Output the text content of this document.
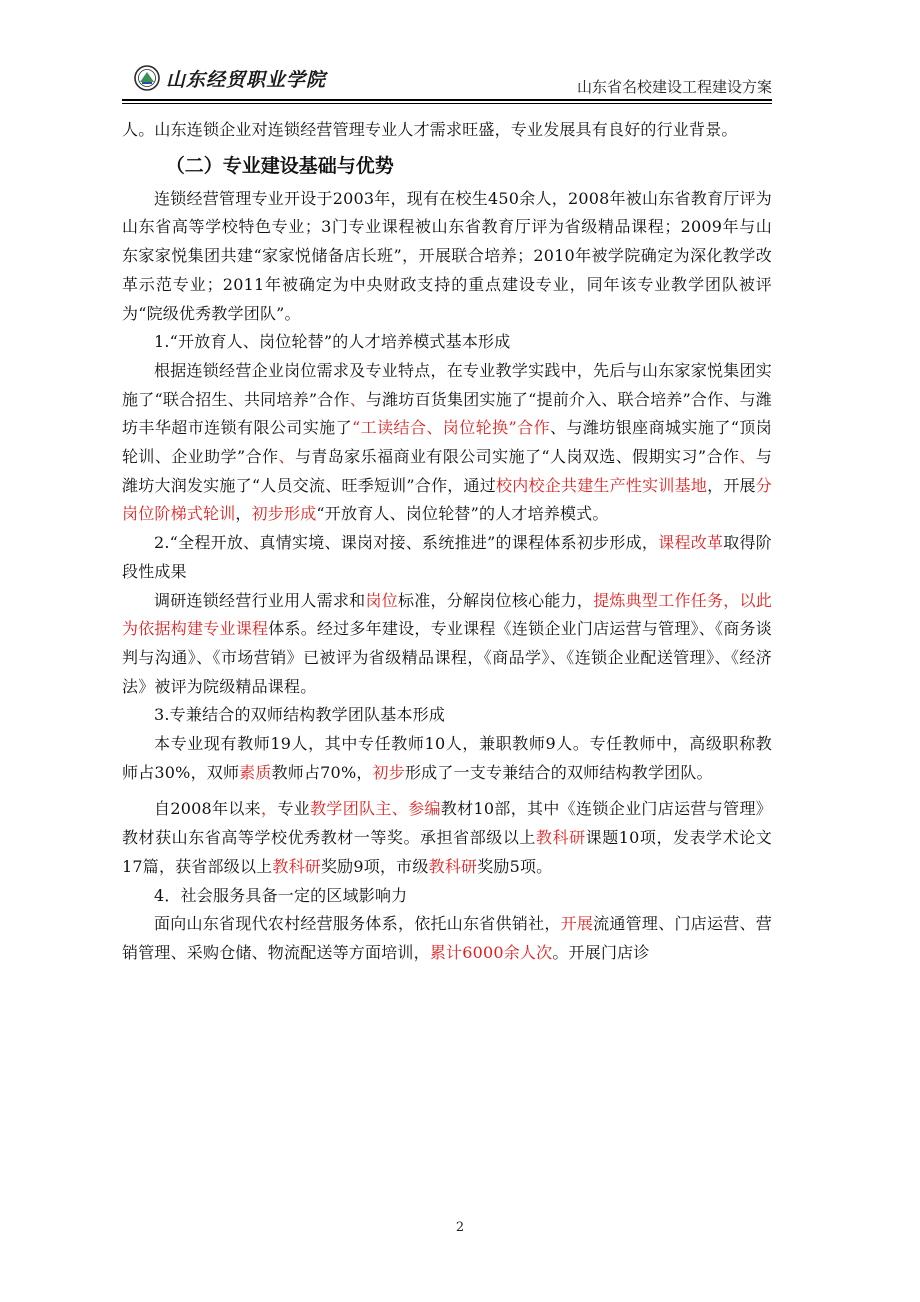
山东经贸职业学院	山东省名校建设工程建设方案

人。山东连锁企业对连锁经营管理专业人才需求旺盛，专业发展具有良好的行业背景。

（二）专业建设基础与优势

连锁经营管理专业开设于2003年，现有在校生450余人，2008年被山东省教育厅评为山东省高等学校特色专业；3门专业课程被山东省教育厅评为省级精品课程；2009年与山东家家悦集团共建“家家悦储备店长班”，开展联合培养；2010年被学院确定为深化教学改革示范专业；2011年被确定为中央财政支持的重点建设专业，同年该专业教学团队被评为“院级优秀教学团队”。

1.“开放育人、岗位轮替”的人才培养模式基本形成

根据连锁经营企业岗位需求及专业特点，在专业教学实践中，先后与山东家家悦集团实施了“联合招生、共同培养”合作、与潍坊百货集团实施了“提前介入、联合培养”合作、与潍坊丰华超市连锁有限公司实施了“工读结合、岗位轮换”合作、与潍坊银座商城实施了“顶岗轮训、企业助学”合作、与青岛家乐福商业有限公司实施了“人岗双选、假期实习”合作、与潍坊大润发实施了“人员交流、旺季短训”合作，通过校内校企共建生产性实训基地，开展分岗位阶梯式轮训，初步形成“开放育人、岗位轮替”的人才培养模式。

2.“全程开放、真情实境、课岗对接、系统推进”的课程体系初步形成，课程改革取得阶段性成果

调研连锁经营行业用人需求和岗位标准，分解岗位核心能力，提炼典型工作任务，以此为依据构建专业课程体系。经过多年建设，专业课程《连锁企业门店运营与管理》、《商务谈判与沟通》、《市场营销》已被评为省级精品课程，《商品学》、《连锁企业配送管理》、《经济法》被评为院级精品课程。

3.专兼结合的双师结构教学团队基本形成

本专业现有教师19人，其中专任教师10人，兼职教师9人。专任教师中，高级职称教师占30%，双师素质教师占70%，初步形成了一支专兼结合的双师结构教学团队。

自2008年以来，专业教学团队主、参编教材10部，其中《连锁企业门店运营与管理》教材获山东省高等学校优秀教材一等奖。承担省部级以上教科研课题10项，发表学术论文17篇，获省部级以上教科研奖励9项，市级教科研奖励5项。

4．社会服务具备一定的区域影响力

面向山东省现代农村经营服务体系，依托山东省供销社，开展流通管理、门店运营、营销管理、采购仓储、物流配送等方面培训，累计6000余人次。开展门店诊

2
